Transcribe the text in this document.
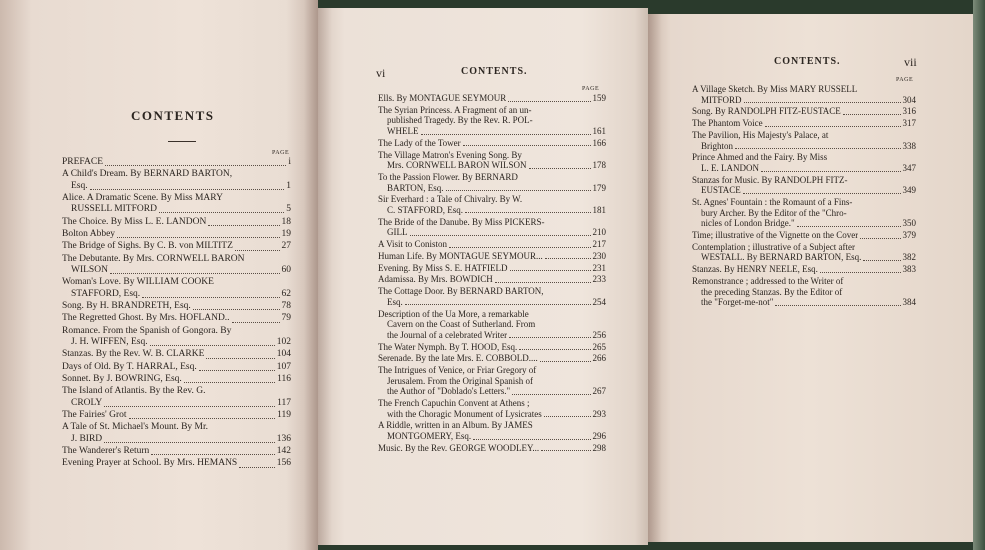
CONTENTS
PAGE
PREFACE	i
A Child's Dream. By BERNARD BARTON,
Esq.	1
Alice. A Dramatic Scene. By Miss MARY
RUSSELL MITFORD	5
The Choice. By Miss L. E. LANDON	18
Bolton Abbey	19
The Bridge of Sighs. By C. B. von MILTITZ	27
The Debutante. By Mrs. CORNWELL BARON
WILSON	60
Woman's Love. By WILLIAM COOKE
STAFFORD, Esq.	62
Song. By H. BRANDRETH, Esq.	78
The Regretted Ghost. By Mrs. HOFLAND..	79
Romance. From the Spanish of Gongora. By
J. H. WIFFEN, Esq.	102
Stanzas. By the Rev. W. B. CLARKE	104
Days of Old. By T. HARRAL, Esq.	107
Sonnet. By J. BOWRING, Esq.	116
The Island of Atlantis. By the Rev. G.
CROLY	117
The Fairies' Grot	119
A Tale of St. Michael's Mount. By Mr.
J. BIRD	136
The Wanderer's Return	142
Evening Prayer at School. By Mrs. HEMANS	156
vi	CONTENTS.
PAGE
Ells. By MONTAGUE SEYMOUR	159
The Syrian Princess. A Fragment of an un-
published Tragedy. By the Rev. R. POL-
WHELE	161
The Lady of the Tower	166
The Village Matron's Evening Song. By
Mrs. CORNWELL BARON WILSON	178
To the Passion Flower. By BERNARD
BARTON, Esq.	179
Sir Everhard : a Tale of Chivalry. By W.
C. STAFFORD, Esq.	181
The Bride of the Danube. By Miss PICKERS-
GILL	210
A Visit to Coniston	217
Human Life. By MONTAGUE SEYMOUR...	230
Evening. By Miss S. E. HATFIELD	231
Adamissa. By Mrs. BOWDICH	233
The Cottage Door. By BERNARD BARTON,
Esq.	254
Description of the Ua More, a remarkable
Cavern on the Coast of Sutherland. From
the Journal of a celebrated Writer	256
The Water Nymph. By T. HOOD, Esq.	265
Serenade. By the late Mrs. E. COBBOLD....	266
The Intrigues of Venice, or Friar Gregory of
Jerusalem. From the Original Spanish of
the Author of "Doblado's Letters."	267
The French Capuchin Convent at Athens ;
with the Choragic Monument of Lysicrates	293
A Riddle, written in an Album. By JAMES
MONTGOMERY, Esq.	296
Music. By the Rev. GEORGE WOODLEY...	298
CONTENTS.	vii
PAGE
A Village Sketch. By Miss MARY RUSSELL
MITFORD	304
Song. By RANDOLPH FITZ-EUSTACE	316
The Phantom Voice	317
The Pavilion, His Majesty's Palace, at
Brighton	338
Prince Ahmed and the Fairy. By Miss
L. E. LANDON	347
Stanzas for Music. By RANDOLPH FITZ-
EUSTACE	349
St. Agnes' Fountain : the Romaunt of a Fins-
bury Archer. By the Editor of the "Chro-
nicles of London Bridge."	350
Time; illustrative of the Vignette on the Cover	379
Contemplation ; illustrative of a Subject after
WESTALL. By BERNARD BARTON, Esq.	382
Stanzas. By HENRY NEELE, Esq.	383
Remonstrance ; addressed to the Writer of
the preceding Stanzas. By the Editor of
the "Forget-me-not"	384
